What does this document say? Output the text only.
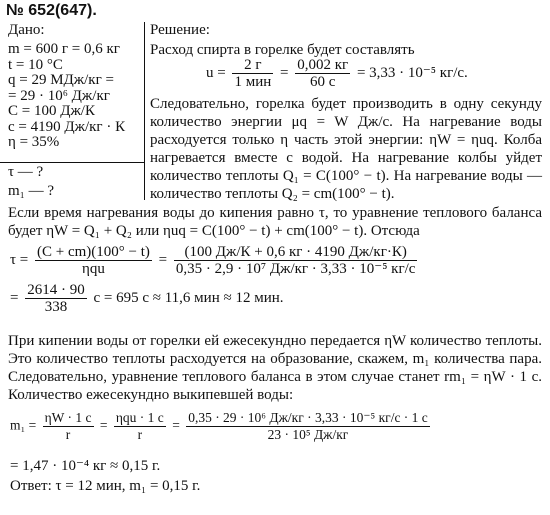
№ 652(647).
Дано:
m = 600 г = 0,6 кг
t = 10 °C
q = 29 МДж/кг =
= 29 · 10⁶ Дж/кг
C = 100 Дж/К
c = 4190 Дж/кг · К
η = 35%
τ — ?
m₁ — ?
Решение:
Расход спирта в горелке будет составлять
$u = \frac{2 г}{\text{1 мин}} = \frac{0,002 кг}{60 с} = 3,33 \cdot 10^{-5}$ кг/с.
Следовательно, горелка будет производить в одну секунду количество энергии μq = W Дж/с. На нагревание воды расходуется только η часть этой энергии: ηW = ηuq. Колба нагревается вместе с водой. На нагревание колбы уйдет количество теплоты Q₁ = C(100° − t). На нагревание воды — количество теплоты Q₂ = cm(100° − t).
Если время нагревания воды до кипения равно τ, то уравнение теплового баланса будет ηW = Q₁ + Q₂ или ηuq = C(100° − t) + cm(100° − t). Отсюда
$\tau = \frac{(C + cm)(100^\circ - t)}{\text{ηqu}} = \frac{(100 Дж/К + 0,6 кг \cdot 4190 Дж/кг\cdot К)}{\text{0,35 · 2,9 · 10⁷ Дж/кг · 3,33 · 10⁻⁵ кг/с}}$
= $\frac{2614 \cdot 90}{338}$ с = 695 с ≈ 11,6 мин ≈ 12 мин.
При кипении воды от горелки ей ежесекундно передается ηW количество теплоты. Это количество теплоты расходуется на образование, скажем, m₁ количества пара. Следовательно, уравнение теплового баланса в этом случае станет rm₁ = ηW · 1 с. Количество ежесекундно выкипевшей воды:
$m_1 = \frac{\eta W \cdot 1 с}{r} = \frac{\text{ηqu · 1 с}}{r} = \frac{\text{0,35 · 29 · 10⁶ Дж/кг · 3,33 · 10⁻⁵ кг/с · 1 с}}{\text{23 · 10⁵ Дж/кг}}$
= 1,47 · 10⁻⁴ кг ≈ 0,15 г.
Ответ: τ = 12 мин, m₁ = 0,15 г.
